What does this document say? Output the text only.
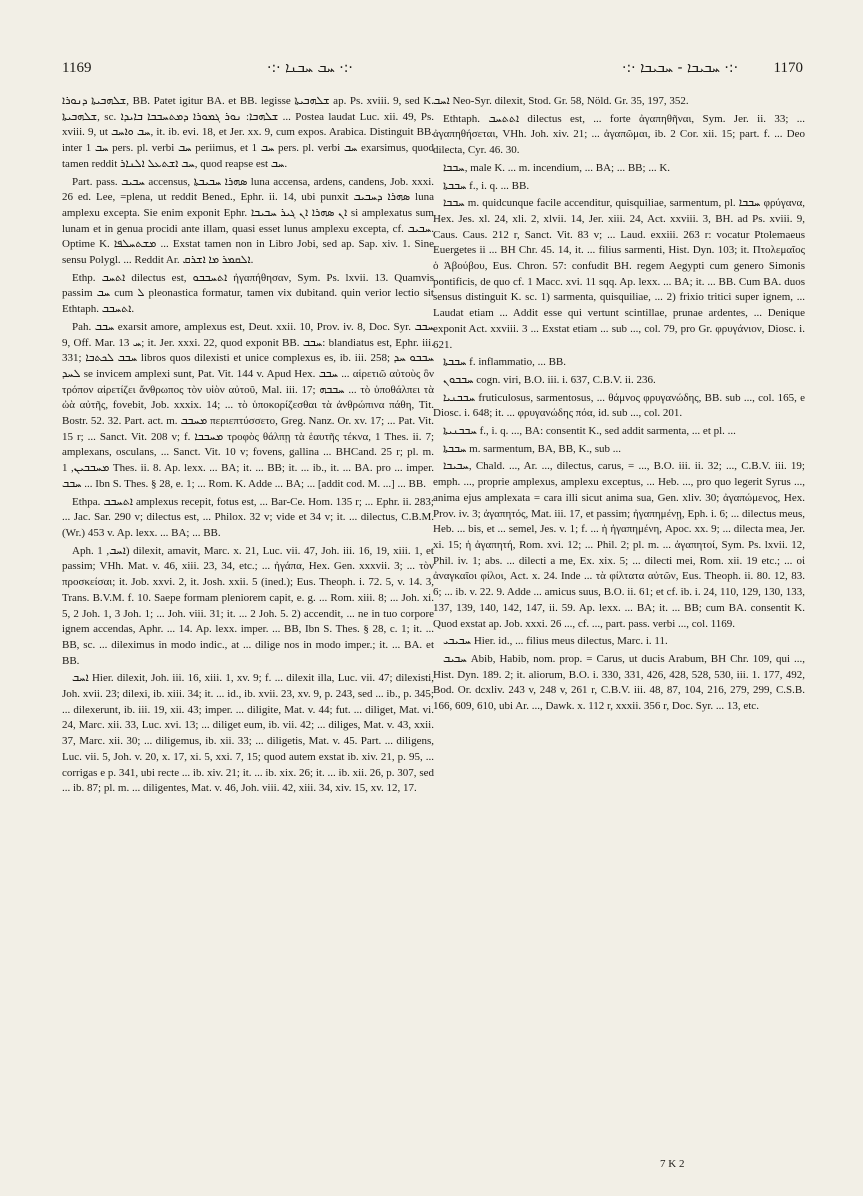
1169	·:· ܚܒ ܚܒܢܐ ·:·	·:· ܚܒܝܒܐ - ܚܒܝܒܐ ·:· 1170

ܫܠܗܒܝܬܐ ܕܢܘܪܐ, BB. Patet igitur BA. et BB. legisse ܫܠܗܒܝܬܐ ap. Ps. xviii. 9, sed K. ܫܠܗܒܝܬܐ, sc. ܫܠܗܒܐ: ܢܘܪ ܓܡܘܪܐ ܕܡܬܚܒܒܐ ܒܐܝܕܐ ... Postea laudat Luc. xii. 49, Ps. xviii. 9, ut ܚܒ ܘܐܚܒ, it. ib. evi. 18, et Jer. xx. 9, cum expos. Arabica. Distinguit BB. inter ܚܒ 1 pers. pl. verbi ܚܒ periimus, et ܚܒ 1 pers. pl. verbi ܚܒ exarsimus, quod tamen reddit ܚܒ ܐܫܬܥܠ ܐܠܢܐܪ, quod reapse est ܚܒ.

Part. pass. ܚܒܝܒ accensus, ܣܗܪܐ ܚܒܝܒܬܐ luna accensa, ardens, candens, Job. xxxi. 26 ed. Lee, =plena, ut reddit Bened., Ephr. ii. 14, ubi punxit ܣܗܪܐ ܕܚܒܝܒ luna amplexu excepta. Sie enim exponit Ephr. ܐܢ ܣܗܪܐ ܐܢ ܓܝܪ ܚܒܝܒܐ si amplexatus sum lunam et in genua procidi ante illam, quasi esset lunus amplexu excepta, cf. ܚܒܝܒ. Optime K. ܡܫܬܚܠܦܐ ... Exstat tamen non in Libro Jobi, sed ap. Sap. xiv. 1. Sine sensu Polygl. ... Reddit Ar. ܐܠܩܡܪ ܡܐ ܐܫܪܩ.

Ethp. ܐܬܚܒ dilectus est, ܐܬܚܒܒܘ ἠγαπήθησαν, Sym. Ps. lxvii. 13. Quamvis passim ܚܒ cum ܠ pleonastica formatur, tamen vix dubitand. quin verior lectio sit Ethtaph. ܐܬܚܒܒ.

Pah. ܚܒܒ exarsit amore, amplexus est, Deut. xxii. 10, Prov. iv. 8, Doc. Syr. ܚܒܒ 9, Off. Mar. ܚ 13; it. Jer. xxxi. 22, quod exponit BB. ܚܒܒ: blandiatus est, Ephr. iii. 331; ܚܒܒ ܠܟܬܒܐ libros quos dilexisti et unice complexus es, ib. iii. 258; ܚܒܒܘ ܚܕ ܠܚܕ se invicem amplexi sunt, Pat. Vit. 144 v. Apud Hex. ܚܒܒ ... αἱρετιῶ αὐτοὺς ὃν τρόπον αἱρετίζει ἄνθρωπος τὸν υἱὸν αὐτοῦ, Mal. iii. 17; ܚܒܒܗ ... τὸ ὑποθάλπει τὰ ὠὰ αὐτῆς, fovebit, Job. xxxix. 14; ... τὸ ὑποκορίζεσθαι τὰ ἀνθρώπινα πάθη, Tit. Bostr. 52. 32. Part. act. m. ܡܚܒܒ περιεπτύσσετο, Greg. Nanz. Or. xv. 17; ... Pat. Vit. 15 r; ... Sanct. Vit. 208 v; f. ܡܚܒܒܐ τροφὸς θάλπῃ τὰ ἑαυτῆς τέκνα, 1 Thes. ii. 7; amplexans, osculans, ... Sanct. Vit. 10 v; fovens, gallina ... BHCand. 25 r; pl. m. ܡܚܒܒܝܢ, 1 Thes. ii. 8. Ap. lexx. ... BA; it. ... BB; it. ... ib., it. ... BA. pro ... imper. ܚܒܒ ... Ibn S. Thes. § 28, e. 1; ... Rom. K. Adde ... BA; ... [addit cod. M. ...] ... BB.

Ethpa. ܐܬܚܒܒ amplexus recepit, fotus est, ... Bar-Ce. Hom. 135 r; ... Ephr. ii. 283; ... Jac. Sar. 290 v; dilectus est, ... Philox. 32 v; vide et 34 v; it. ... dilectus, C.B.M. (Wr.) 453 v. Ap. lexx. ... BA; ... BB.

Aph. ܐܚܒ, 1) dilexit, amavit, Marc. x. 21, Luc. vii. 47, Joh. iii. 16, 19, xiii. 1, et passim; VHh. Mat. v. 46, xiii. 23, 34, etc.; ... ἠγάπα, Hex. Gen. xxxvii. 3; ... τὸν προσκείσαι; it. Job. xxvi. 2, it. Josh. xxii. 5 (ined.); Eus. Theoph. i. 72. 5, v. 14. 3, Trans. B.V.M. f. 10. Saepe formam pleniorem capit, e. g. ... Rom. xiii. 8; ... Joh. xi. 5, 2 Joh. 1, 3 Joh. 1; ... Joh. viii. 31; it. ... 2 Joh. 5. 2) accendit, ... ne in tuo corpore ignem accendas, Aphr. ... 14. Ap. lexx. imper. ... BB, Ibn S. Thes. § 28, c. 1; it. ... BB, sc. ... dileximus in modo indic., at ... dilige nos in modo imper.; it. ... BA. et BB.

ܐܚܒ Hier. dilexit, Joh. iii. 16, xiii. 1, xv. 9; f. ... dilexit illa, Luc. vii. 47; dilexisti, Joh. xvii. 23; dilexi, ib. xiii. 34; it. ... id., ib. xvii. 23, xv. 9, p. 243, sed ... ib., p. 345; ... dilexerunt, ib. iii. 19, xii. 43; imper. ... diligite, Mat. v. 44; fut. ... diliget, Mat. vi. 24, Marc. xii. 33, Luc. xvi. 13; ... diliget eum, ib. vii. 42; ... diliges, Mat. v. 43, xxii. 37, Marc. xii. 30; ... diligemus, ib. xii. 33; ... diligetis, Mat. v. 45. Part. ... diligens, Luc. vii. 5, Joh. v. 20, x. 17, xi. 5, xxi. 7, 15; quod autem exstat ib. xiv. 21, p. 95, ... corrigas e p. 341, ubi recte ... ib. xiv. 21; it. ... ib. xix. 26; it. ... ib. xii. 26, p. 307, sed ... ib. 87; pl. m. ... diligentes, Mat. v. 46, Joh. viii. 42, xiii. 34, xiv. 15, xv. 12, 17.

ܐܚܒ Neo-Syr. dilexit, Stod. Gr. 58, Nöld. Gr. 35, 197, 352.

Ethtaph. ܐܬܬܚܒ dilectus est, ... forte ἀγαπηθῆναι, Sym. Jer. ii. 33; ... ἀγαπηθήσεται, VHh. Joh. xiv. 21; ... ἀγαπῶμαι, ib. 2 Cor. xii. 15; part. f. ... Deo dilecta, Cyr. 46. 30.

ܚܒܒܐ, male K. ... m. incendium, ... BA; ... BB; ... K.

ܚܒܒܬܐ f., i. q. ... BB.

ܚܒܒܐ m. quidcunque facile accenditur, quisquiliae, sarmentum, pl. ܚܒܒܐ φρύγανα, Hex. Jes. xl. 24, xli. 2, xlvii. 14, Jer. xiii. 24, Act. xxviii. 3, BH. ad Ps. xviii. 9, Caus. Caus. 212 r, Sanct. Vit. 83 v; ... Laud. exxiii. 263 r: vocatur Ptolemaeus Euergetes ii ... BH Chr. 45. 14, it. ... filius sarmenti, Hist. Dyn. 103; it. Πτολεμαῖος ὁ Ἀβούβου, Eus. Chron. 57: confudit BH. regem Aegypti cum genero Simonis pontificis, de quo cf. 1 Macc. xvi. 11 sqq. Ap. lexx. ... BA; it. ... BB. Cum BA. duos sensus distinguit K. sc. 1) sarmenta, quisquiliae, ... 2) frixio tritici super ignem, ... Laudat etiam ... Addit esse qui vertunt scintillae, prunae ardentes, ... Denique exponit Act. xxviii. 3 ... Exstat etiam ... sub ..., col. 79, pro Gr. φρυγάνιον, Diosc. i. 621.

ܚܒܒܬܐ f. inflammatio, ... BB.

ܚܒܒܘܢ cogn. viri, B.O. iii. i. 637, C.B.V. ii. 236.

ܚܒܒܢܝܐ fruticulosus, sarmentosus, ... θάμνος φρυγανώδης, BB. sub ..., col. 165, e Diosc. i. 648; it. ... φρυγανώδης πόα, id. sub ..., col. 201.

ܚܒܒܢܝܬܐ f., i. q. ..., BA: consentit K., sed addit sarmenta, ... et pl. ...

ܚܒܒܬܐ m. sarmentum, BA, BB, K., sub ...

ܚܒܝܒܐ, Chald. ..., Ar. ..., dilectus, carus, = ..., B.O. iii. ii. 32; ..., C.B.V. iii. 19; emph. ..., proprie amplexus, amplexu exceptus, ... Heb. ..., pro quo legerit Syrus ..., anima ejus amplexata = cara illi sicut anima sua, Gen. xliv. 30; ἀγαπώμενος, Hex. Prov. iv. 3; ἀγαπητός, Mat. iii. 17, et passim; ἠγαπημένῃ, Eph. i. 6; ... dilectus meus, Heb. ... bis, et ... semel, Jes. v. 1; f. ... ἡ ἠγαπημένη, Apoc. xx. 9; ... dilecta mea, Jer. xi. 15; ἡ ἀγαπητή, Rom. xvi. 12; ... Phil. 2; pl. m. ... ἀγαπητοί, Sym. Ps. lxvii. 12, Phil. iv. 1; abs. ... dilecti a me, Ex. xix. 5; ... dilecti mei, Rom. xii. 19 etc.; ... οἱ ἀναγκαῖοι φίλοι, Act. x. 24. Inde ... τὰ φίλτατα αὐτῶν, Eus. Theoph. ii. 80. 12, 83. 6; ... ib. v. 22. 9. Adde ... amicus suus, B.O. ii. 61; et cf. ib. i. 24, 110, 129, 130, 133, 137, 139, 140, 142, 147, ii. 59. Ap. lexx. ... BA; it. ... BB; cum BA. consentit K. Quod exstat ap. Job. xxxi. 26 ..., cf. ..., part. pass. verbi ..., col. 1169.

ܚܒܝܒܝ Hier. id., ... filius meus dilectus, Marc. i. 11.

ܚܒܝܒ Abib, Habib, nom. prop. = Carus, ut ducis Arabum, BH Chr. 109, qui ..., Hist. Dyn. 189. 2; it. aliorum, B.O. i. 330, 331, 426, 428, 528, 530, iii. 1. 177, 492, Bod. Or. dcxliv. 243 v, 248 v, 261 r, C.B.V. iii. 48, 87, 104, 216, 279, 299, C.S.B. 166, 609, 610, ubi Ar. ..., Dawk. x. 112 r, xxxii. 356 r, Doc. Syr. ... 13, etc.

7 K 2
